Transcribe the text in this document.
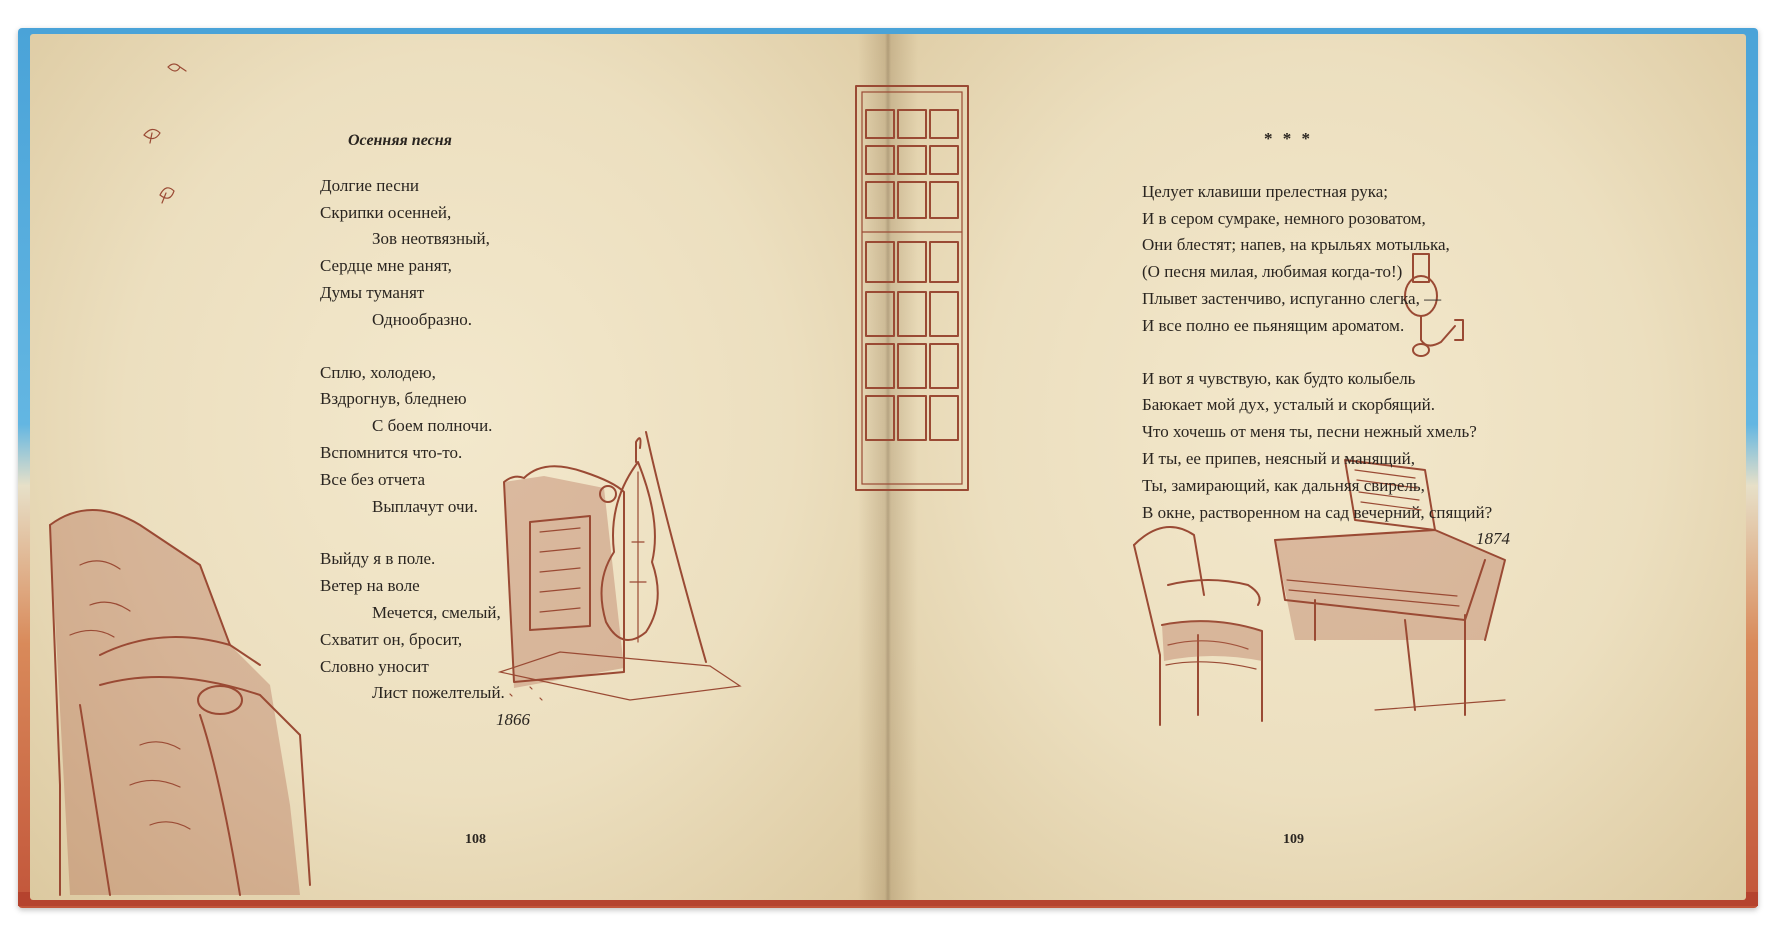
Осенняя песня
Долгие песни
Скрипки осенней,
Зов неотвязный,
Сердце мне ранят,
Думы туманят
Однообразно.
Сплю, холодею,
Вздрогнув, бледнею
С боем полночи.
Вспомнится что-то.
Все без отчета
Выплачут очи.
Выйду я в поле.
Ветер на воле
Мечется, смелый,
Схватит он, бросит,
Словно уносит
Лист пожелтелый.
1866
* * *
Целует клавиши прелестная рука;
И в сером сумраке, немного розоватом,
Они блестят; напев, на крыльях мотылька,
(О песня милая, любимая когда-то!)
Плывет застенчиво, испуганно слегка, —
И все полно ее пьянящим ароматом.
И вот я чувствую, как будто колыбель
Баюкает мой дух, усталый и скорбящий.
Что хочешь от меня ты, песни нежный хмель?
И ты, ее припев, неясный и манящий,
Ты, замирающий, как дальняя свирель,
В окне, растворенном на сад вечерний, спящий?
1874
108	109
